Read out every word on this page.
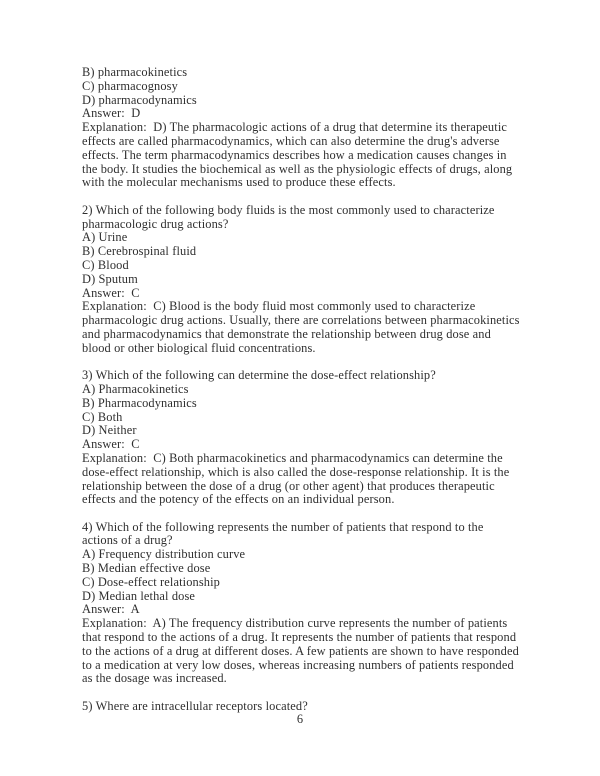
B) pharmacokinetics
C) pharmacognosy
D) pharmacodynamics
Answer:  D
Explanation:  D) The pharmacologic actions of a drug that determine its therapeutic effects are called pharmacodynamics, which can also determine the drug's adverse effects. The term pharmacodynamics describes how a medication causes changes in the body. It studies the biochemical as well as the physiologic effects of drugs, along with the molecular mechanisms used to produce these effects.
2) Which of the following body fluids is the most commonly used to characterize pharmacologic drug actions?
A) Urine
B) Cerebrospinal fluid
C) Blood
D) Sputum
Answer:  C
Explanation:  C) Blood is the body fluid most commonly used to characterize pharmacologic drug actions. Usually, there are correlations between pharmacokinetics and pharmacodynamics that demonstrate the relationship between drug dose and blood or other biological fluid concentrations.
3) Which of the following can determine the dose-effect relationship?
A) Pharmacokinetics
B) Pharmacodynamics
C) Both
D) Neither
Answer:  C
Explanation:  C) Both pharmacokinetics and pharmacodynamics can determine the dose-effect relationship, which is also called the dose-response relationship. It is the relationship between the dose of a drug (or other agent) that produces therapeutic effects and the potency of the effects on an individual person.
4) Which of the following represents the number of patients that respond to the actions of a drug?
A) Frequency distribution curve
B) Median effective dose
C) Dose-effect relationship
D) Median lethal dose
Answer:  A
Explanation:  A) The frequency distribution curve represents the number of patients that respond to the actions of a drug. It represents the number of patients that respond to the actions of a drug at different doses. A few patients are shown to have responded to a medication at very low doses, whereas increasing numbers of patients responded as the dosage was increased.
5) Where are intracellular receptors located?
6
